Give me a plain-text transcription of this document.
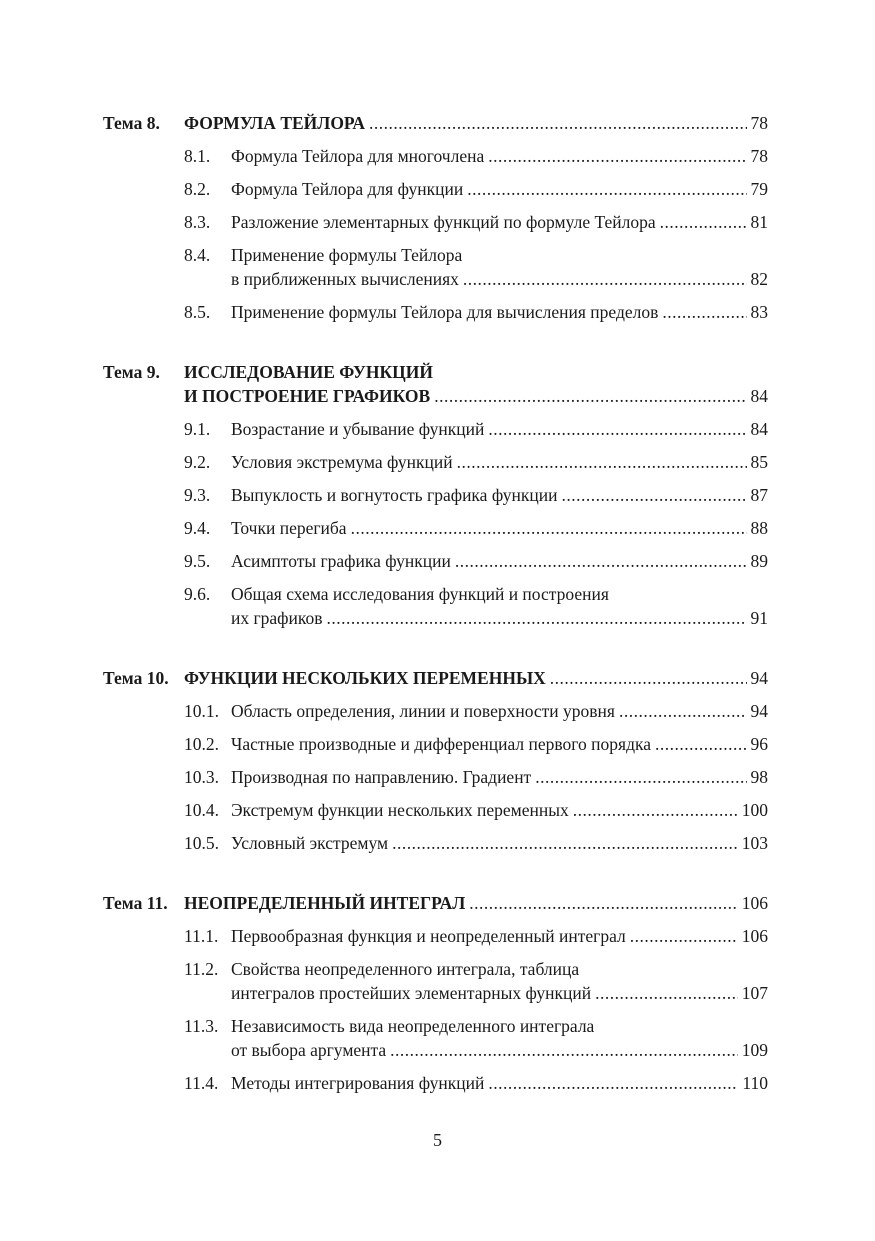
Тема 8.	ФОРМУЛА ТЕЙЛОРА .....	78
8.1.	Формула Тейлора для многочлена .....	78
8.2.	Формула Тейлора для функции .....	79
8.3.	Разложение элементарных функций по формуле Тейлора .....	81
8.4.	Применение формулы Тейлора
в приближенных вычислениях .....	82
8.5.	Применение формулы Тейлора для вычисления пределов .....	83
Тема 9.	ИССЛЕДОВАНИЕ ФУНКЦИЙ
И ПОСТРОЕНИЕ ГРАФИКОВ .....	84
9.1.	Возрастание и убывание функций .....	84
9.2.	Условия экстремума функций .....	85
9.3.	Выпуклость и вогнутость графика функции .....	87
9.4.	Точки перегиба .....	88
9.5.	Асимптоты графика функции .....	89
9.6.	Общая схема исследования функций и построения
их графиков .....	91
Тема 10. ФУНКЦИИ НЕСКОЛЬКИХ ПЕРЕМЕННЫХ .....	94
10.1. Область определения, линии и поверхности уровня .....	94
10.2. Частные производные и дифференциал первого порядка .....	96
10.3. Производная по направлению. Градиент .....	98
10.4. Экстремум функции нескольких переменных .....	100
10.5. Условный экстремум .....	103
Тема 11. НЕОПРЕДЕЛЕННЫЙ ИНТЕГРАЛ .....	106
11.1. Первообразная функция и неопределенный интеграл .....	106
11.2. Свойства неопределенного интеграла, таблица
интегралов простейших элементарных функций .....	107
11.3. Независимость вида неопределенного интеграла
от выбора аргумента .....	109
11.4. Методы интегрирования функций .....	110
5
